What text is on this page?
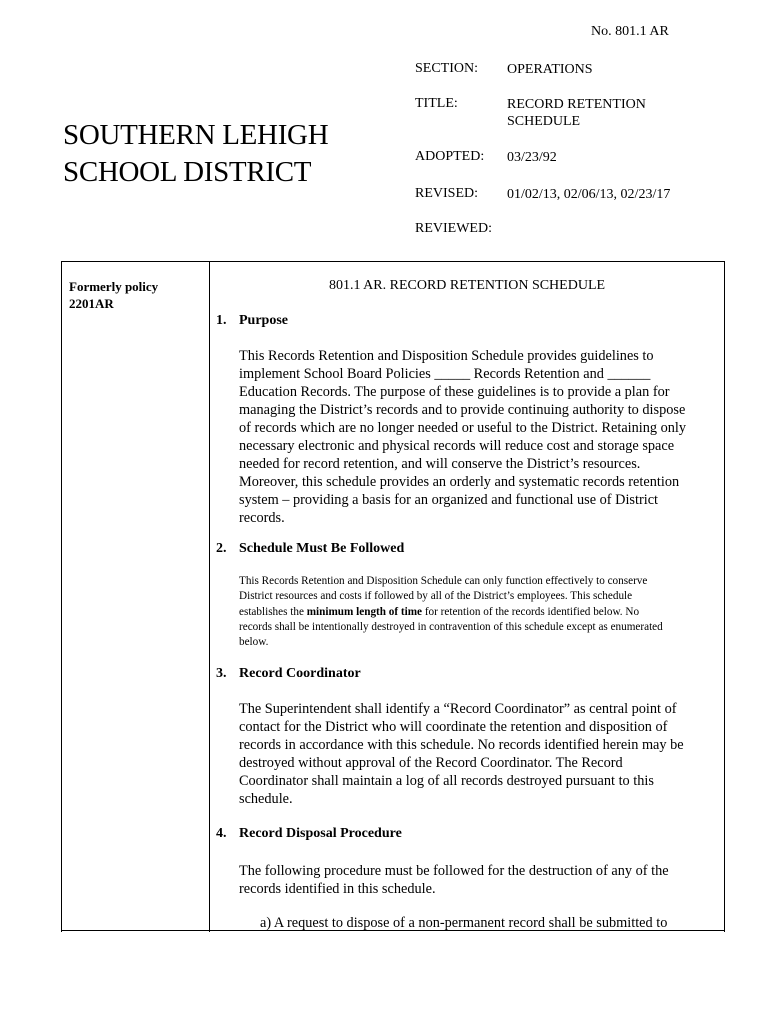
No. 801.1 AR
SOUTHERN LEHIGH
SCHOOL DISTRICT
SECTION: OPERATIONS
TITLE:	RECORD RETENTION
SCHEDULE
ADOPTED: 03/23/92
REVISED: 01/02/13, 02/06/13, 02/23/17
REVIEWED:
Formerly policy
2201AR
801.1 AR. RECORD RETENTION SCHEDULE
1. Purpose
This Records Retention and Disposition Schedule provides guidelines to
implement School Board Policies _____ Records Retention and ______
Education Records. The purpose of these guidelines is to provide a plan for
managing the District’s records and to provide continuing authority to dispose
of records which are no longer needed or useful to the District. Retaining only
necessary electronic and physical records will reduce cost and storage space
needed for record retention, and will conserve the District’s resources.
Moreover, this schedule provides an orderly and systematic records retention
system – providing a basis for an organized and functional use of District
records.
2. Schedule Must Be Followed
This Records Retention and Disposition Schedule can only function effectively to conserve
District resources and costs if followed by all of the District’s employees. This schedule
establishes the minimum length of time for retention of the records identified below. No
records shall be intentionally destroyed in contravention of this schedule except as enumerated
below.
3. Record Coordinator
The Superintendent shall identify a “Record Coordinator” as central point of
contact for the District who will coordinate the retention and disposition of
records in accordance with this schedule. No records identified herein may be
destroyed without approval of the Record Coordinator. The Record
Coordinator shall maintain a log of all records destroyed pursuant to this
schedule.
4. Record Disposal Procedure
The following procedure must be followed for the destruction of any of the
records identified in this schedule.
a) A request to dispose of a non-permanent record shall be submitted to
